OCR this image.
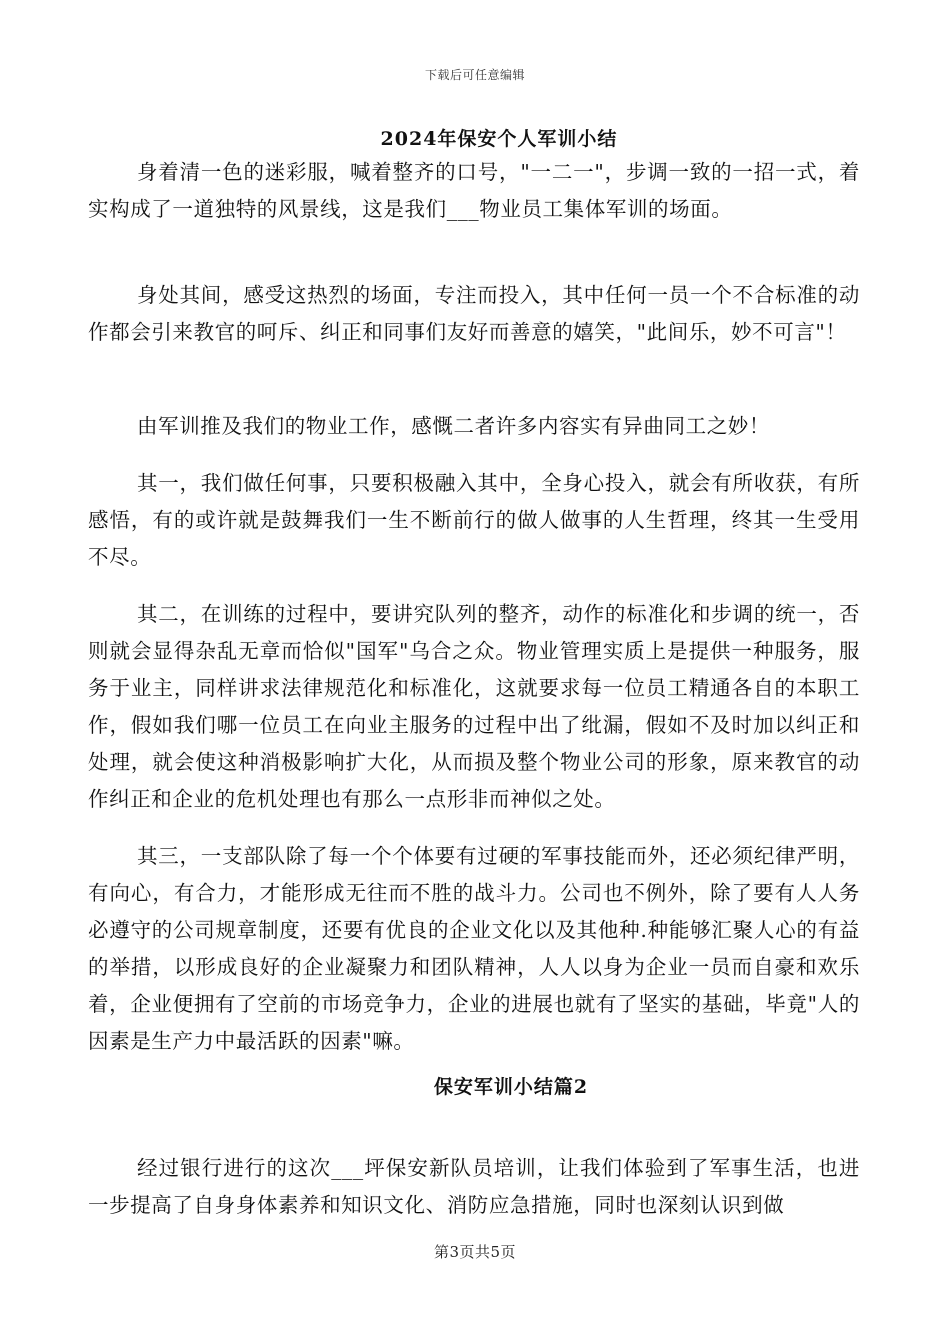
下载后可任意编辑
2024年保安个人军训小结

身着清一色的迷彩服，喊着整齐的口号，"一二一"，步调一致的一招一式，着实构成了一道独特的风景线，这是我们___物业员工集体军训的场面。

身处其间，感受这热烈的场面，专注而投入，其中任何一员一个不合标准的动作都会引来教官的呵斥、纠正和同事们友好而善意的嬉笑，"此间乐，妙不可言"！

由军训推及我们的物业工作，感慨二者许多内容实有异曲同工之妙！

其一，我们做任何事，只要积极融入其中，全身心投入，就会有所收获，有所感悟，有的或许就是鼓舞我们一生不断前行的做人做事的人生哲理，终其一生受用不尽。

其二，在训练的过程中，要讲究队列的整齐，动作的标准化和步调的统一，否则就会显得杂乱无章而恰似"国军"乌合之众。物业管理实质上是提供一种服务，服务于业主，同样讲求法律规范化和标准化，这就要求每一位员工精通各自的本职工作，假如我们哪一位员工在向业主服务的过程中出了纰漏，假如不及时加以纠正和处理，就会使这种消极影响扩大化，从而损及整个物业公司的形象，原来教官的动作纠正和企业的危机处理也有那么一点形非而神似之处。

其三，一支部队除了每一个个体要有过硬的军事技能而外，还必须纪律严明，有向心，有合力，才能形成无往而不胜的战斗力。公司也不例外，除了要有人人务必遵守的公司规章制度，还要有优良的企业文化以及其他种.种能够汇聚人心的有益的举措，以形成良好的企业凝聚力和团队精神，人人以身为企业一员而自豪和欢乐着，企业便拥有了空前的市场竞争力，企业的进展也就有了坚实的基础，毕竟"人的因素是生产力中最活跃的因素"嘛。

保安军训小结篇2

经过银行进行的这次___坪保安新队员培训，让我们体验到了军事生活，也进一步提高了自身身体素养和知识文化、消防应急措施，同时也深刻认识到做

第3页共5页
